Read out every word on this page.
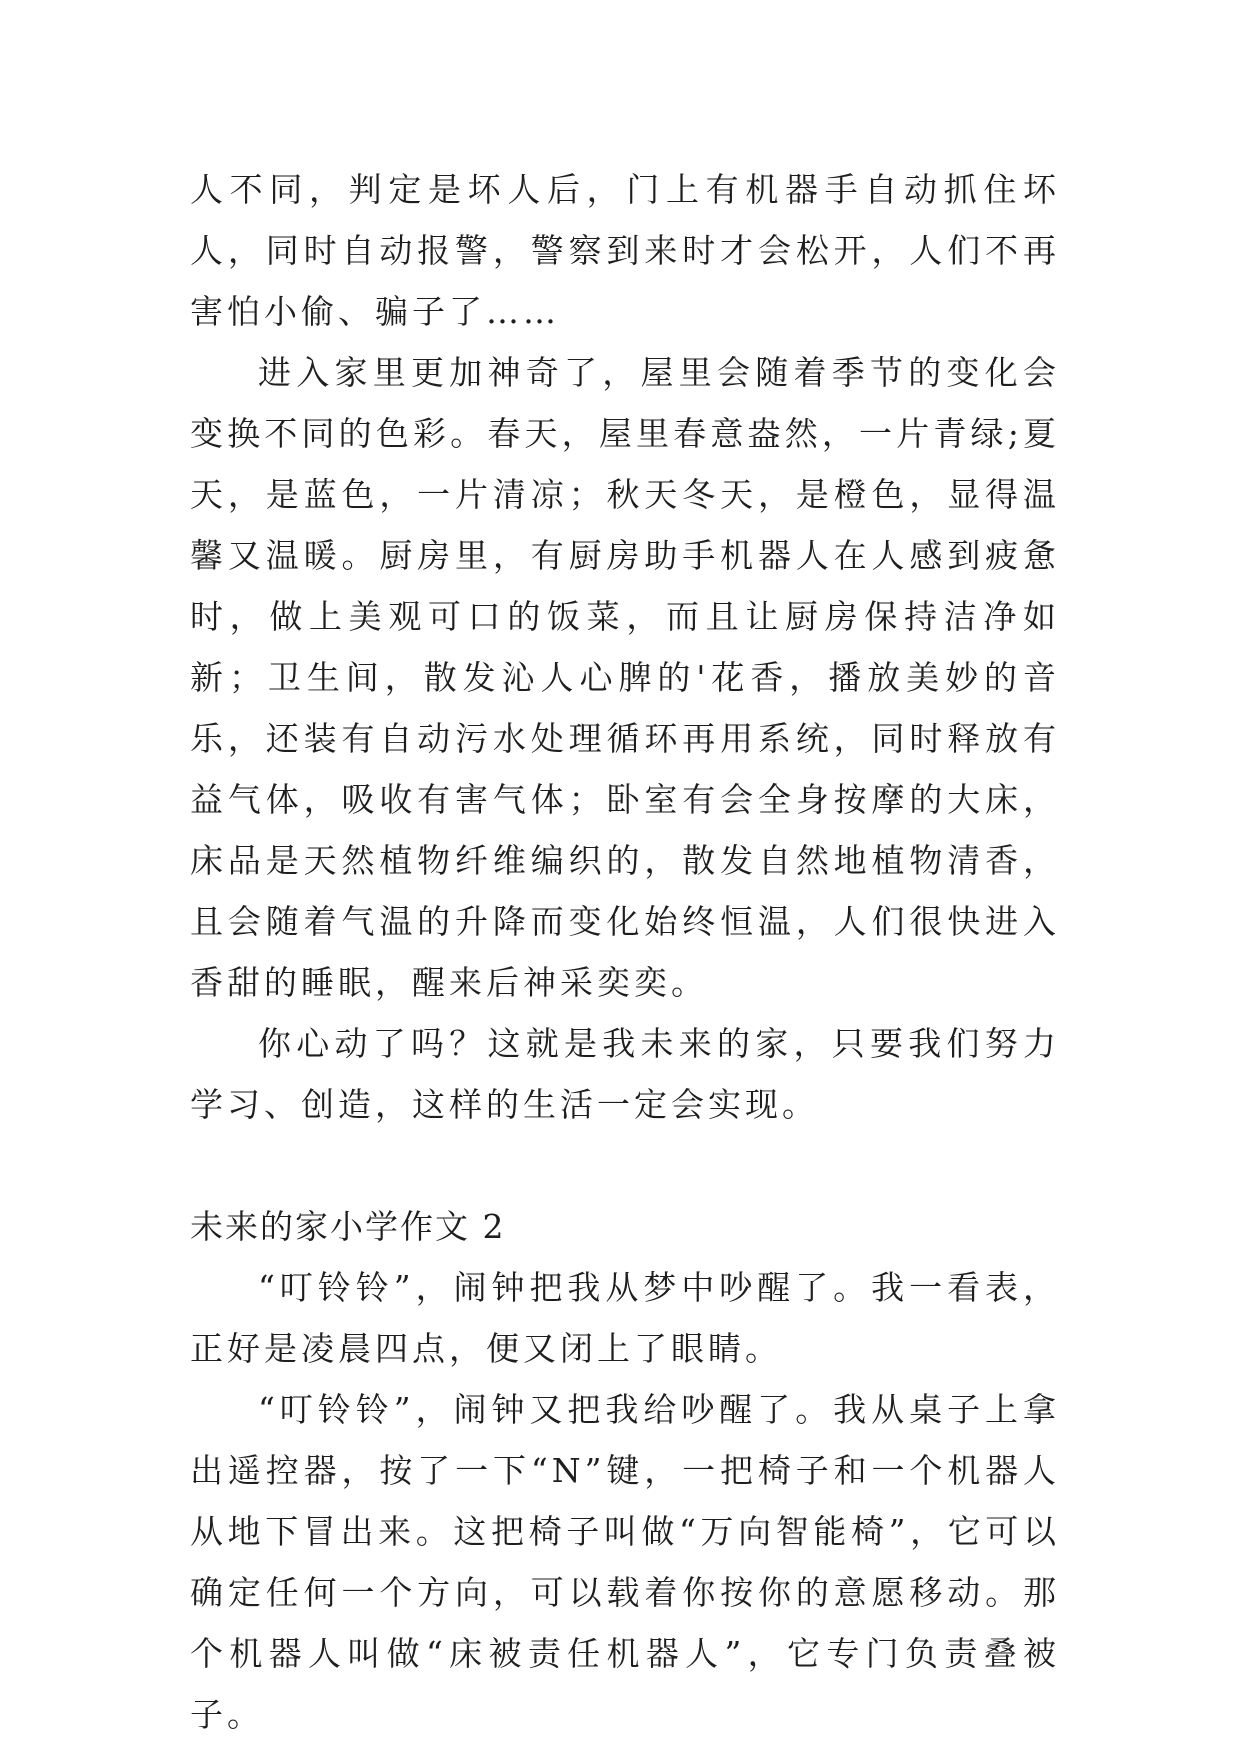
人不同，判定是坏人后，门上有机器手自动抓住坏人，同时自动报警，警察到来时才会松开，人们不再害怕小偷、骗子了……

进入家里更加神奇了，屋里会随着季节的变化会变换不同的色彩。春天，屋里春意盎然，一片青绿;夏天，是蓝色，一片清凉；秋天冬天，是橙色，显得温馨又温暖。厨房里，有厨房助手机器人在人感到疲惫时，做上美观可口的饭菜，而且让厨房保持洁净如新；卫生间，散发沁人心脾的'花香，播放美妙的音乐，还装有自动污水处理循环再用系统，同时释放有益气体，吸收有害气体；卧室有会全身按摩的大床，床品是天然植物纤维编织的，散发自然地植物清香，且会随着气温的升降而变化始终恒温，人们很快进入香甜的睡眠，醒来后神采奕奕。

你心动了吗？这就是我未来的家，只要我们努力学习、创造，这样的生活一定会实现。

未来的家小学作文 2

“叮铃铃”，闹钟把我从梦中吵醒了。我一看表，正好是凌晨四点，便又闭上了眼睛。

“叮铃铃”，闹钟又把我给吵醒了。我从桌子上拿出遥控器，按了一下“N”键，一把椅子和一个机器人从地下冒出来。这把椅子叫做“万向智能椅”，它可以确定任何一个方向，可以载着你按你的意愿移动。那个机器人叫做“床被责任机器人”，它专门负责叠被子。
